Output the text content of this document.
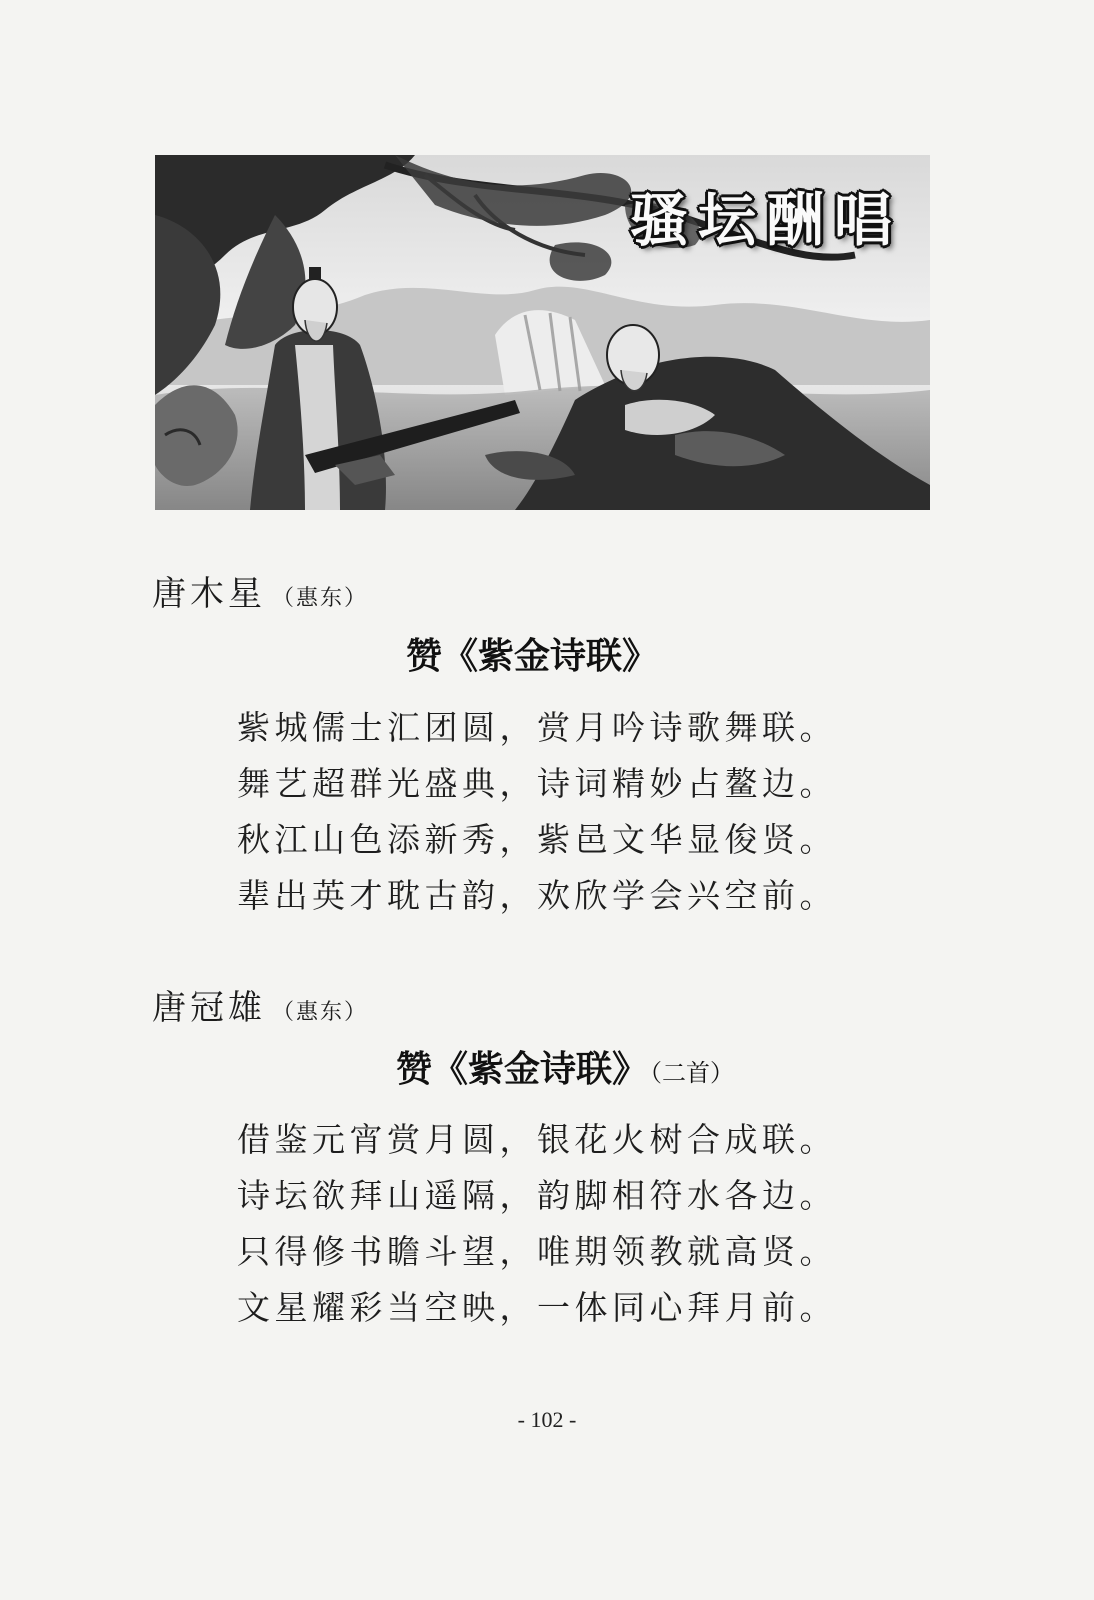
骚坛酬唱
唐木星 （惠东）
赞《紫金诗联》
紫城儒士汇团圆，赏月吟诗歌舞联。
舞艺超群光盛典，诗词精妙占鳌边。
秋江山色添新秀，紫邑文华显俊贤。
辈出英才耽古韵，欢欣学会兴空前。
唐冠雄 （惠东）
赞《紫金诗联》（二首）
借鉴元宵赏月圆，银花火树合成联。
诗坛欲拜山遥隔，韵脚相符水各边。
只得修书瞻斗望，唯期领教就高贤。
文星耀彩当空映，一体同心拜月前。
- 102 -
